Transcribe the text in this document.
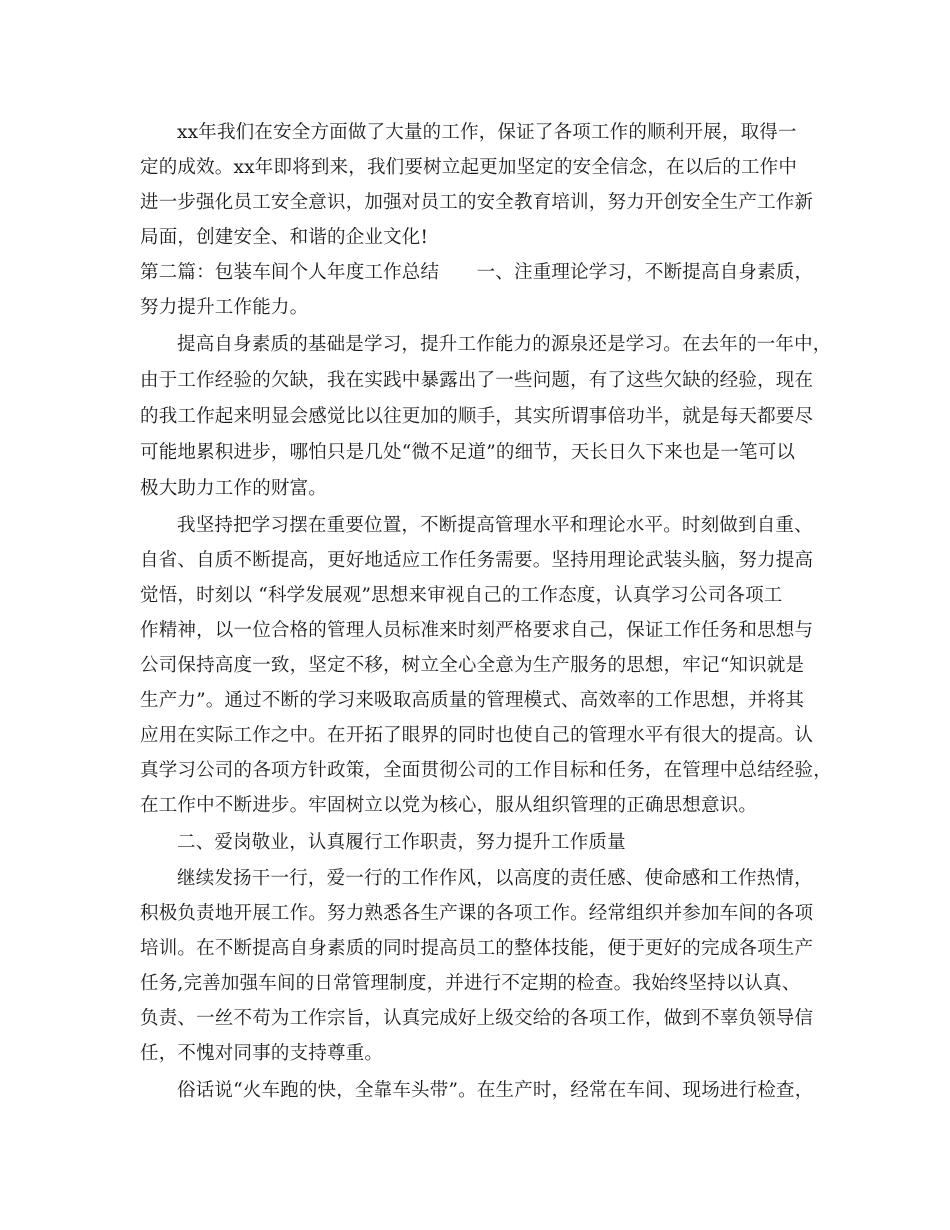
xx年我们在安全方面做了大量的工作，保证了各项工作的顺利开展，取得一
定的成效。xx年即将到来，我们要树立起更加坚定的安全信念，在以后的工作中
进一步强化员工安全意识，加强对员工的安全教育培训，努力开创安全生产工作新
局面，创建安全、和谐的企业文化!
第二篇：包装车间个人年度工作总结　　一、注重理论学习，不断提高自身素质，
努力提升工作能力。
提高自身素质的基础是学习，提升工作能力的源泉还是学习。在去年的一年中，
由于工作经验的欠缺，我在实践中暴露出了一些问题，有了这些欠缺的经验，现在
的我工作起来明显会感觉比以往更加的顺手，其实所谓事倍功半，就是每天都要尽
可能地累积进步，哪怕只是几处“微不足道”的细节，天长日久下来也是一笔可以
极大助力工作的财富。
我坚持把学习摆在重要位置，不断提高管理水平和理论水平。时刻做到自重、
自省、自质不断提高，更好地适应工作任务需要。坚持用理论武装头脑，努力提高
觉悟，时刻以 “科学发展观”思想来审视自己的工作态度，认真学习公司各项工
作精神，以一位合格的管理人员标准来时刻严格要求自己，保证工作任务和思想与
公司保持高度一致，坚定不移，树立全心全意为生产服务的思想，牢记“知识就是
生产力”。通过不断的学习来吸取高质量的管理模式、高效率的工作思想，并将其
应用在实际工作之中。在开拓了眼界的同时也使自己的管理水平有很大的提高。认
真学习公司的各项方针政策，全面贯彻公司的工作目标和任务，在管理中总结经验，
在工作中不断进步。牢固树立以党为核心，服从组织管理的正确思想意识。
二、爱岗敬业，认真履行工作职责，努力提升工作质量
继续发扬干一行，爱一行的工作作风，以高度的责任感、使命感和工作热情，
积极负责地开展工作。努力熟悉各生产课的各项工作。经常组织并参加车间的各项
培训。在不断提高自身素质的同时提高员工的整体技能，便于更好的完成各项生产
任务,完善加强车间的日常管理制度，并进行不定期的检查。我始终坚持以认真、
负责、一丝不苟为工作宗旨，认真完成好上级交给的各项工作，做到不辜负领导信
任，不愧对同事的支持尊重。
俗话说“火车跑的快，全靠车头带”。在生产时，经常在车间、现场进行检查，
